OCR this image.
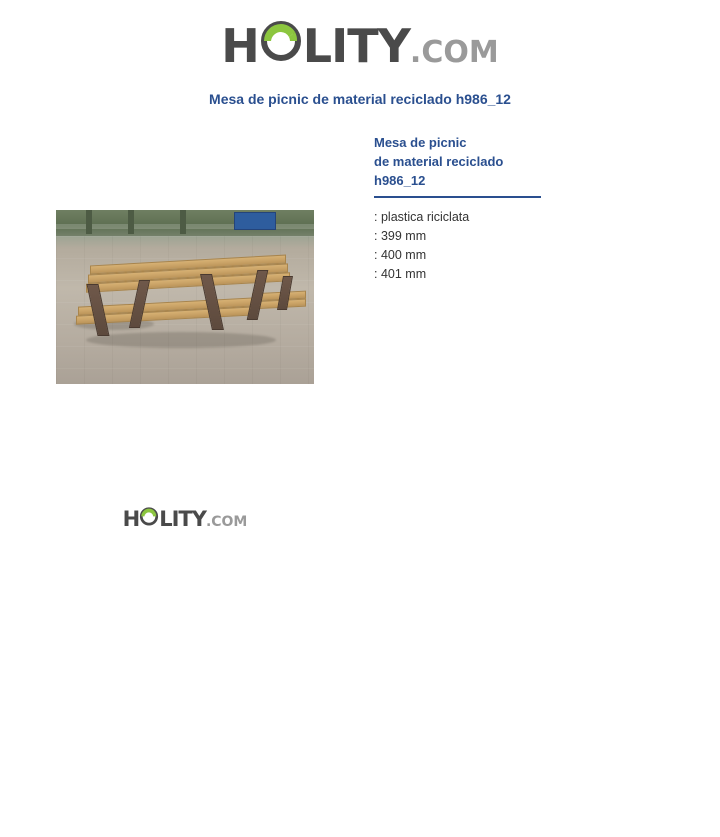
H LITY.COM
Mesa de picnic de material reciclado h986_12
Mesa de picnic
de material reciclado
h986_12
: plastica riciclata
: 399 mm
: 400 mm
: 401 mm
H LITY.COM
